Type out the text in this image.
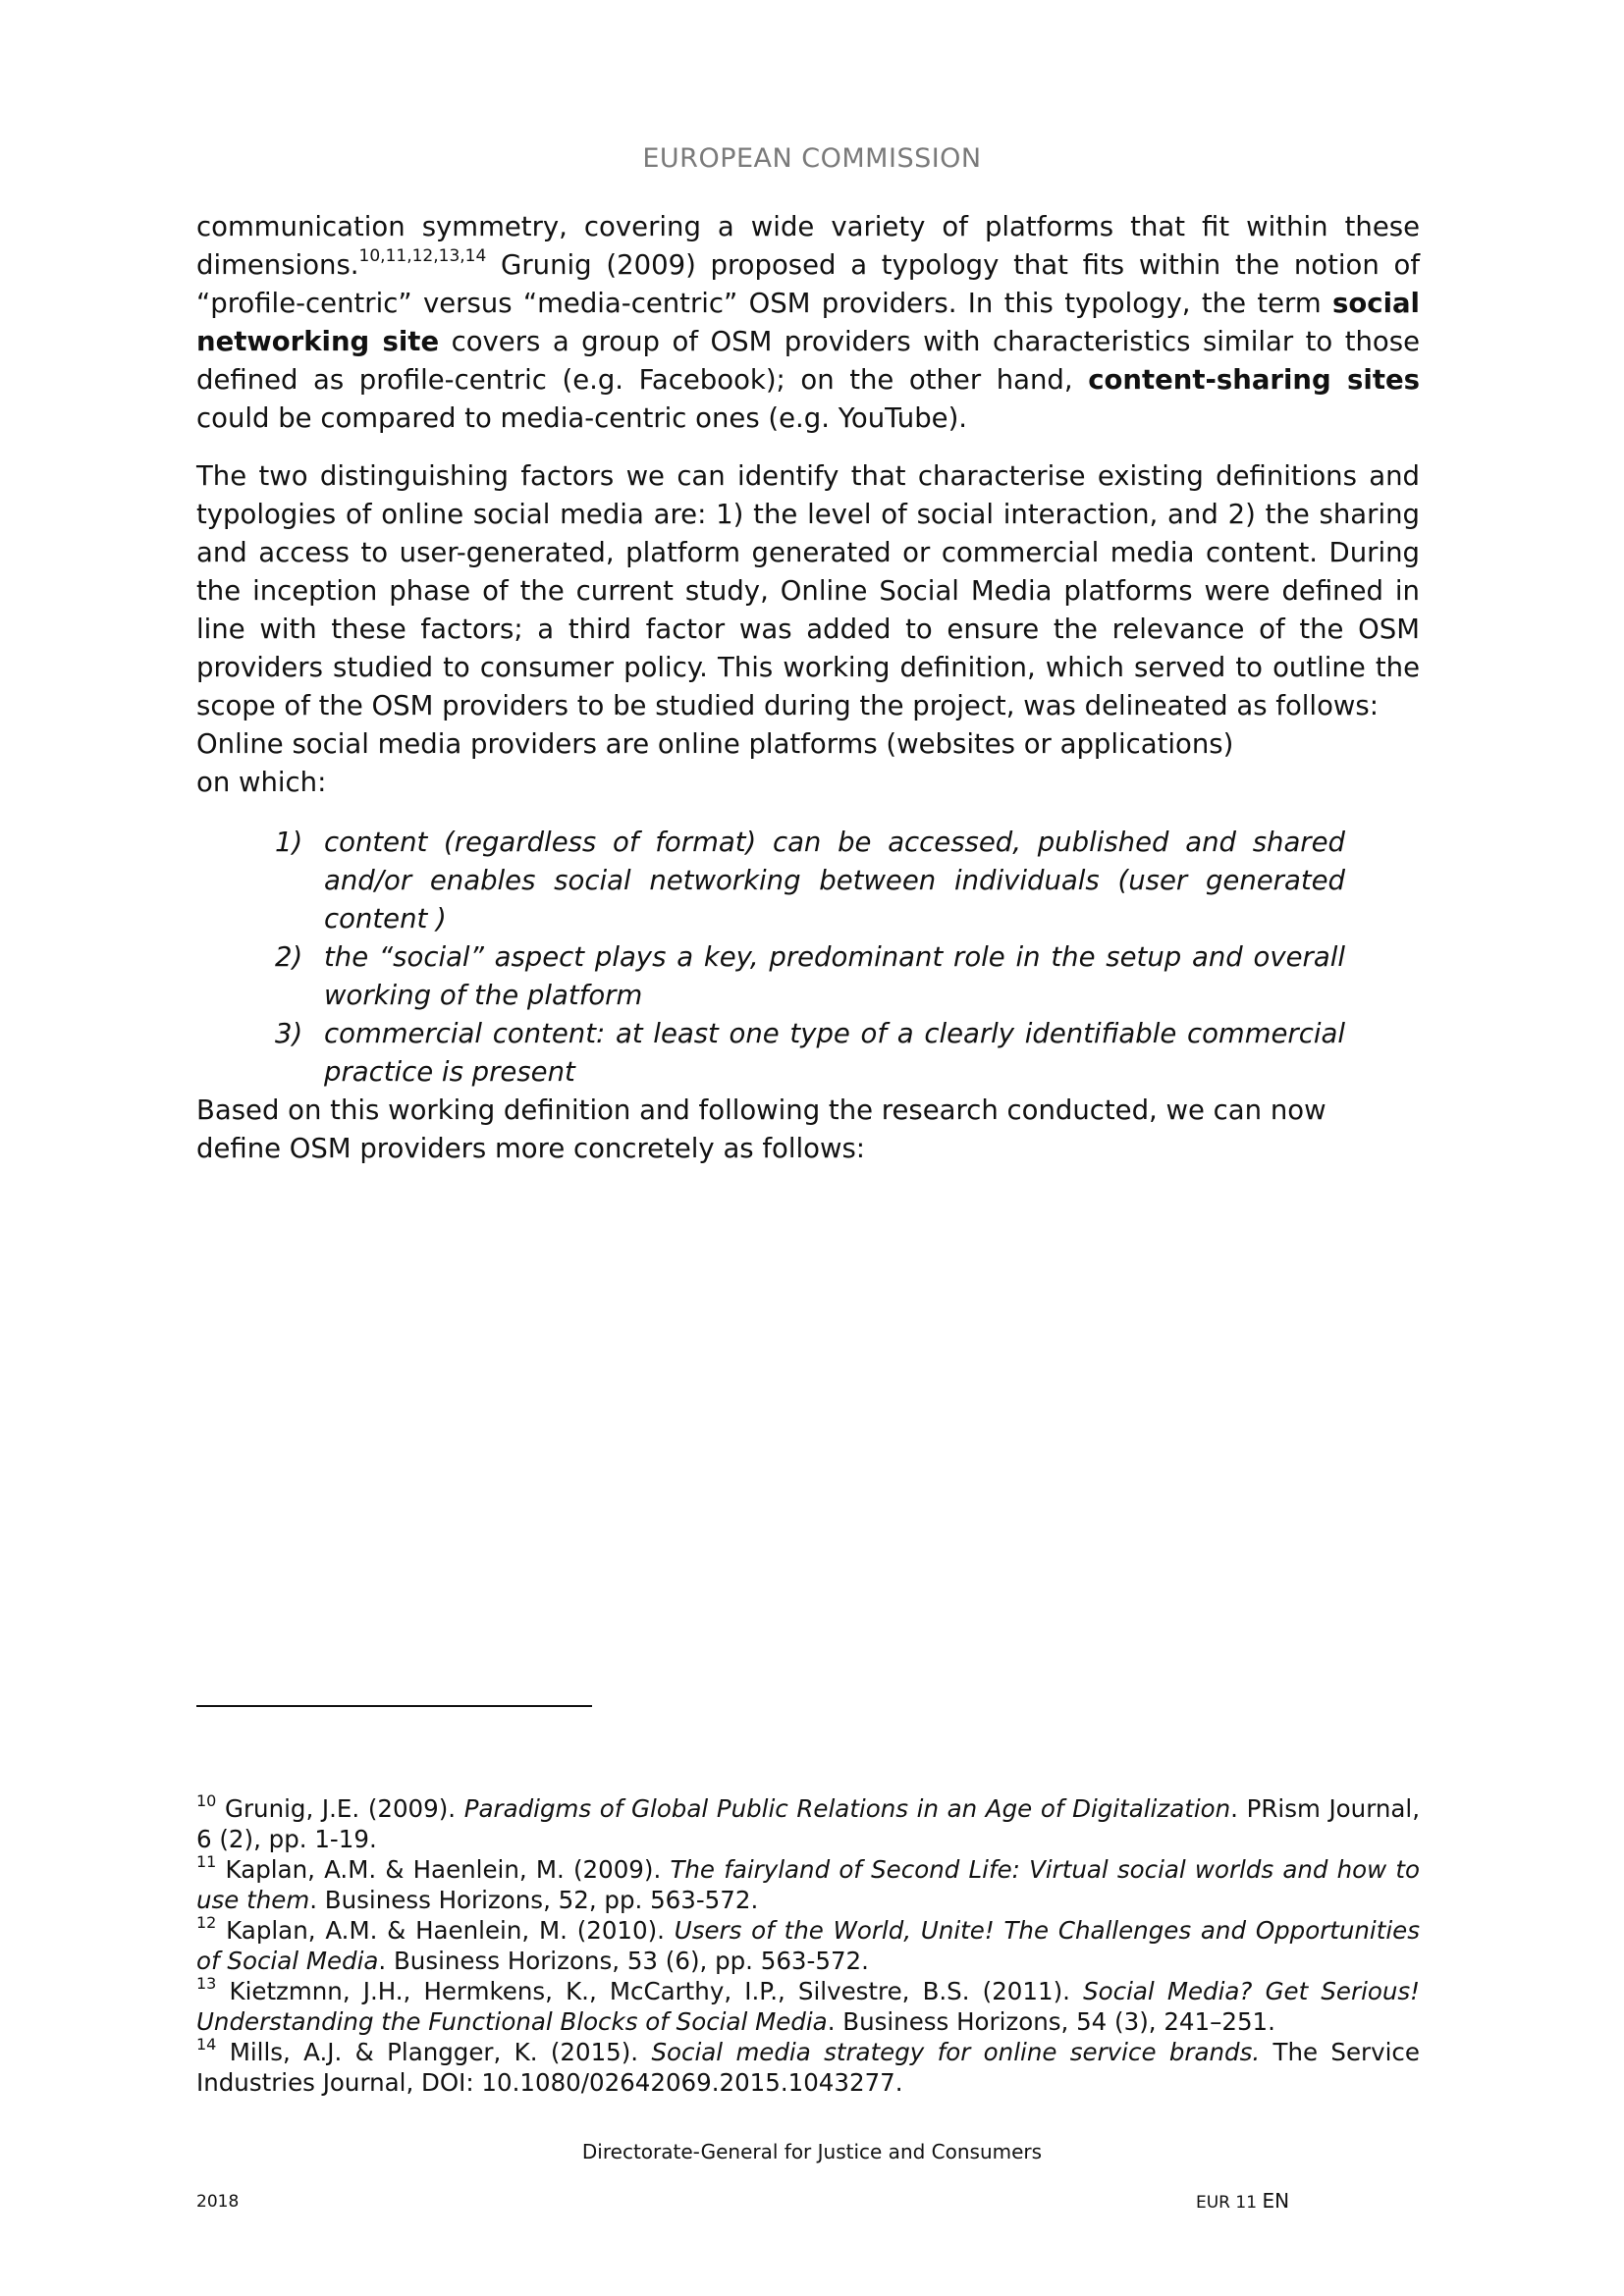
EUROPEAN COMMISSION

communication symmetry, covering a wide variety of platforms that fit within these dimensions.$^{10,11,12,13,14}$ Grunig (2009) proposed a typology that fits within the notion of “profile-centric” versus “media-centric” OSM providers. In this typology, the term social networking site covers a group of OSM providers with characteristics similar to those defined as profile-centric (e.g. Facebook); on the other hand, content-sharing sites could be compared to media-centric ones (e.g. YouTube).

The two distinguishing factors we can identify that characterise existing definitions and typologies of online social media are: 1) the level of social interaction, and 2) the sharing and access to user-generated, platform generated or commercial media content. During the inception phase of the current study, Online Social Media platforms were defined in line with these factors; a third factor was added to ensure the relevance of the OSM providers studied to consumer policy. This working definition, which served to outline the scope of the OSM providers to be studied during the project, was delineated as follows:

Online social media providers are online platforms (websites or applications) on which:

1) content (regardless of format) can be accessed, published and shared and/or enables social networking between individuals (user generated content )
2) the “social” aspect plays a key, predominant role in the setup and overall working of the platform
3) commercial content: at least one type of a clearly identifiable commercial practice is present

Based on this working definition and following the research conducted, we can now define OSM providers more concretely as follows:

$^{10}$ Grunig, J.E. (2009). Paradigms of Global Public Relations in an Age of Digitalization. PRism Journal, 6 (2), pp. 1-19.

$^{11}$ Kaplan, A.M. & Haenlein, M. (2009). The fairyland of Second Life: Virtual social worlds and how to use them. Business Horizons, 52, pp. 563-572.

$^{12}$ Kaplan, A.M. & Haenlein, M. (2010). Users of the World, Unite! The Challenges and Opportunities of Social Media. Business Horizons, 53 (6), pp. 563-572.

$^{13}$ Kietzmnn, J.H., Hermkens, K., McCarthy, I.P., Silvestre, B.S. (2011). Social Media? Get Serious! Understanding the Functional Blocks of Social Media. Business Horizons, 54 (3), 241–251.

$^{14}$ Mills, A.J. & Plangger, K. (2015). Social media strategy for online service brands. The Service Industries Journal, DOI: 10.1080/02642069.2015.1043277.

Directorate-General for Justice and Consumers
2018	EUR 11 EN
